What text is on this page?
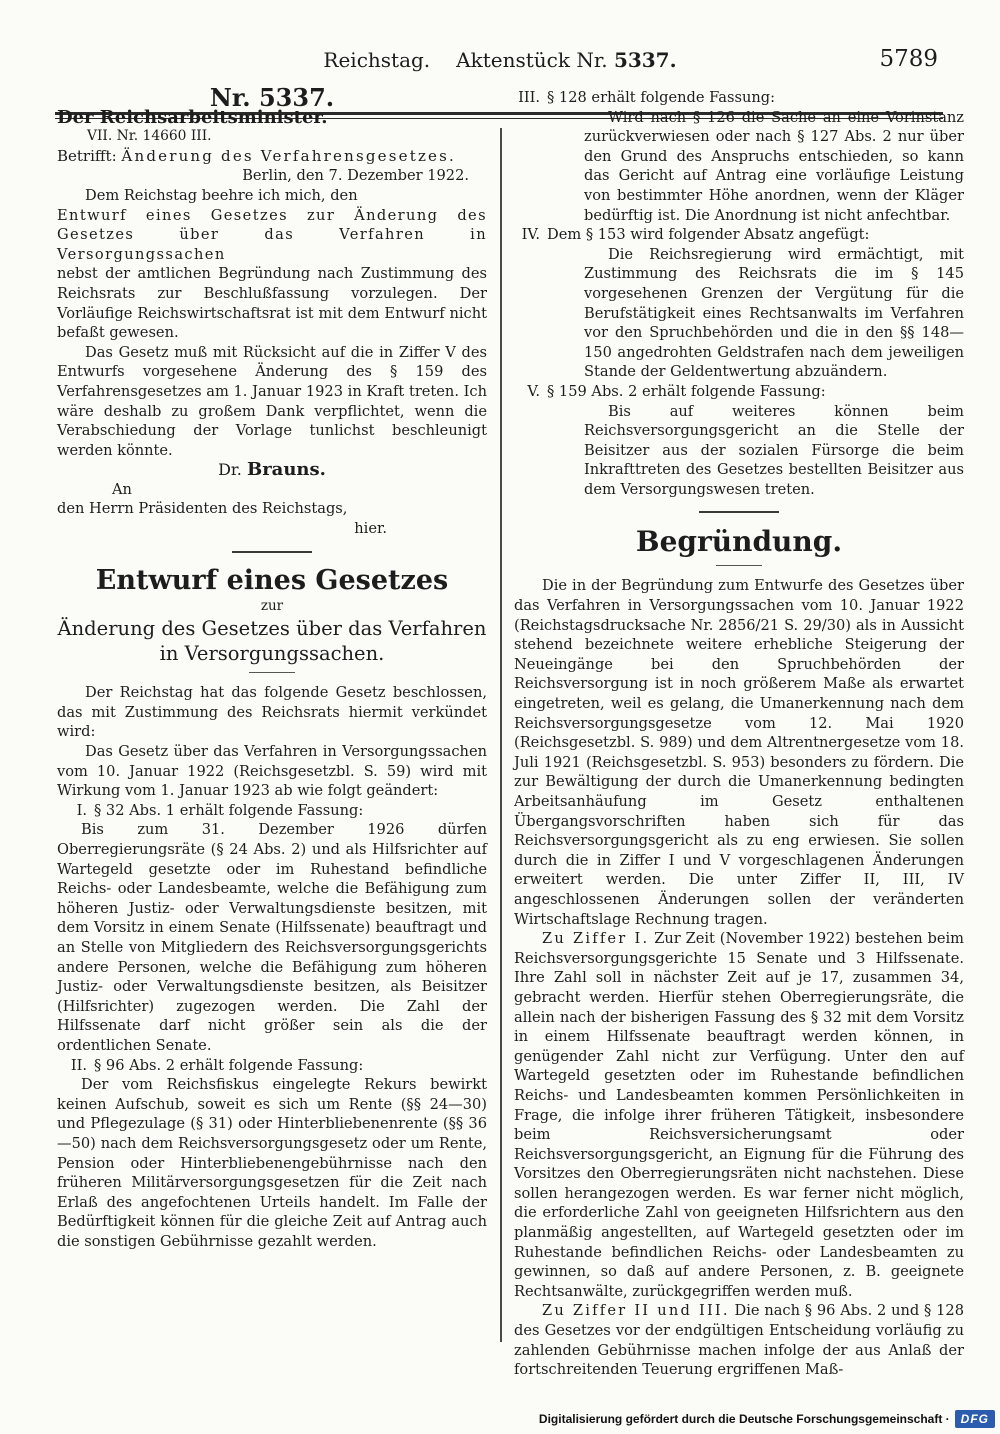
Reichstag. Aktenstück Nr. 5337.	5789

Nr. 5337.

Der Reichsarbeitsminister.

VII. Nr. 14660 III.

Betrifft: Änderung des Verfahrensgesetzes.

Berlin, den 7. Dezember 1922.

Dem Reichstag beehre ich mich, den

Entwurf eines Gesetzes zur Änderung des Gesetzes über das Verfahren in Versorgungssachen

nebst der amtlichen Begründung nach Zustimmung des Reichsrats zur Beschlußfassung vorzulegen. Der Vorläufige Reichswirtschaftsrat ist mit dem Entwurf nicht befaßt gewesen.

Das Gesetz muß mit Rücksicht auf die in Ziffer V des Entwurfs vorgesehene Änderung des § 159 des Verfahrensgesetzes am 1. Januar 1923 in Kraft treten. Ich wäre deshalb zu großem Dank verpflichtet, wenn die Verabschiedung der Vorlage tunlichst beschleunigt werden könnte.

Dr. Brauns.

An

den Herrn Präsidenten des Reichstags,

hier.

Entwurf eines Gesetzes

zur

Änderung des Gesetzes über das Verfahren in Versorgungssachen.

Der Reichstag hat das folgende Gesetz beschlossen, das mit Zustimmung des Reichsrats hiermit verkündet wird:

Das Gesetz über das Verfahren in Versorgungssachen vom 10. Januar 1922 (Reichsgesetzbl. S. 59) wird mit Wirkung vom 1. Januar 1923 ab wie folgt geändert:

I. § 32 Abs. 1 erhält folgende Fassung:

Bis zum 31. Dezember 1926 dürfen Oberregierungsräte (§ 24 Abs. 2) und als Hilfsrichter auf Wartegeld gesetzte oder im Ruhestand befindliche Reichs- oder Landesbeamte, welche die Befähigung zum höheren Justiz- oder Verwaltungsdienste besitzen, mit dem Vorsitz in einem Senate (Hilfssenate) beauftragt und an Stelle von Mitgliedern des Reichsversorgungsgerichts andere Personen, welche die Befähigung zum höheren Justiz- oder Verwaltungsdienste besitzen, als Beisitzer (Hilfsrichter) zugezogen werden. Die Zahl der Hilfssenate darf nicht größer sein als die der ordentlichen Senate.

II. § 96 Abs. 2 erhält folgende Fassung:

Der vom Reichsfiskus eingelegte Rekurs bewirkt keinen Aufschub, soweit es sich um Rente (§§ 24—30) und Pflegezulage (§ 31) oder Hinterbliebenenrente (§§ 36—50) nach dem Reichsversorgungsgesetz oder um Rente, Pension oder Hinterbliebenengebührnisse nach den früheren Militärversorgungsgesetzen für die Zeit nach Erlaß des angefochtenen Urteils handelt. Im Falle der Bedürftigkeit können für die gleiche Zeit auf Antrag auch die sonstigen Gebührnisse gezahlt werden.

III. § 128 erhält folgende Fassung:

Wird nach § 126 die Sache an eine Vorinstanz zurückverwiesen oder nach § 127 Abs. 2 nur über den Grund des Anspruchs entschieden, so kann das Gericht auf Antrag eine vorläufige Leistung von bestimmter Höhe anordnen, wenn der Kläger bedürftig ist. Die Anordnung ist nicht anfechtbar.

IV. Dem § 153 wird folgender Absatz angefügt:

Die Reichsregierung wird ermächtigt, mit Zustimmung des Reichsrats die im § 145 vorgesehenen Grenzen der Vergütung für die Berufstätigkeit eines Rechtsanwalts im Verfahren vor den Spruchbehörden und die in den §§ 148—150 angedrohten Geldstrafen nach dem jeweiligen Stande der Geldentwertung abzuändern.

V. § 159 Abs. 2 erhält folgende Fassung:

Bis auf weiteres können beim Reichsversorgungsgericht an die Stelle der Beisitzer aus der sozialen Fürsorge die beim Inkrafttreten des Gesetzes bestellten Beisitzer aus dem Versorgungswesen treten.

Begründung.

Die in der Begründung zum Entwurfe des Gesetzes über das Verfahren in Versorgungssachen vom 10. Januar 1922 (Reichstagsdrucksache Nr. 2856/21 S. 29/30) als in Aussicht stehend bezeichnete weitere erhebliche Steigerung der Neueingänge bei den Spruchbehörden der Reichsversorgung ist in noch größerem Maße als erwartet eingetreten, weil es gelang, die Umanerkennung nach dem Reichsversorgungsgesetze vom 12. Mai 1920 (Reichsgesetzbl. S. 989) und dem Altrentnergesetze vom 18. Juli 1921 (Reichsgesetzbl. S. 953) besonders zu fördern. Die zur Bewältigung der durch die Umanerkennung bedingten Arbeitsanhäufung im Gesetz enthaltenen Übergangsvorschriften haben sich für das Reichsversorgungsgericht als zu eng erwiesen. Sie sollen durch die in Ziffer I und V vorgeschlagenen Änderungen erweitert werden. Die unter Ziffer II, III, IV angeschlossenen Änderungen sollen der veränderten Wirtschaftslage Rechnung tragen.

Zu Ziffer I. Zur Zeit (November 1922) bestehen beim Reichsversorgungsgerichte 15 Senate und 3 Hilfssenate. Ihre Zahl soll in nächster Zeit auf je 17, zusammen 34, gebracht werden. Hierfür stehen Oberregierungsräte, die allein nach der bisherigen Fassung des § 32 mit dem Vorsitz in einem Hilfssenate beauftragt werden können, in genügender Zahl nicht zur Verfügung. Unter den auf Wartegeld gesetzten oder im Ruhestande befindlichen Reichs- und Landesbeamten kommen Persönlichkeiten in Frage, die infolge ihrer früheren Tätigkeit, insbesondere beim Reichsversicherungsamt oder Reichsversorgungsgericht, an Eignung für die Führung des Vorsitzes den Oberregierungsräten nicht nachstehen. Diese sollen herangezogen werden. Es war ferner nicht möglich, die erforderliche Zahl von geeigneten Hilfsrichtern aus den planmäßig angestellten, auf Wartegeld gesetzten oder im Ruhestande befindlichen Reichs- oder Landesbeamten zu gewinnen, so daß auf andere Personen, z. B. geeignete Rechtsanwälte, zurückgegriffen werden muß.

Zu Ziffer II und III. Die nach § 96 Abs. 2 und § 128 des Gesetzes vor der endgültigen Entscheidung vorläufig zu zahlenden Gebührnisse machen infolge der aus Anlaß der fortschreitenden Teuerung ergriffenen Maß-

Digitalisierung gefördert durch die Deutsche Forschungsgemeinschaft · DFG
